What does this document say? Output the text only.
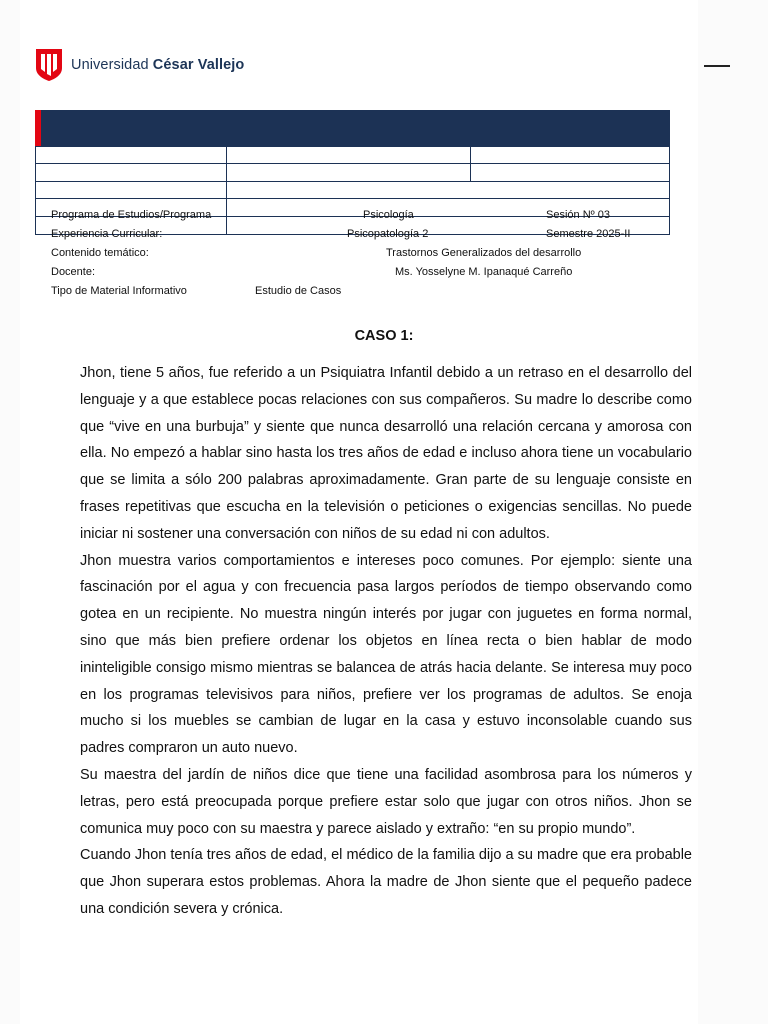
Universidad César Vallejo
Programa de Estudios/Programa	Psicología	Sesión Nº 03
Experiencia Curricular:	Psicopatología 2	Semestre 2025-II
Contenido temático:	Trastornos Generalizados del desarrollo
Docente:	Ms. Yosselyne M. Ipanaqué Carreño
Tipo de Material Informativo	Estudio de Casos
CASO 1:

Jhon, tiene 5 años, fue referido a un Psiquiatra Infantil debido a un retraso en el desarrollo del lenguaje y a que establece pocas relaciones con sus compañeros. Su madre lo describe como que “vive en una burbuja” y siente que nunca desarrolló una relación cercana y amorosa con ella. No empezó a hablar sino hasta los tres años de edad e incluso ahora tiene un vocabulario que se limita a sólo 200 palabras aproximadamente. Gran parte de su lenguaje consiste en frases repetitivas que escucha en la televisión o peticiones o exigencias sencillas. No puede iniciar ni sostener una conversación con niños de su edad ni con adultos.

Jhon muestra varios comportamientos e intereses poco comunes. Por ejemplo: siente una fascinación por el agua y con frecuencia pasa largos períodos de tiempo observando como gotea en un recipiente. No muestra ningún interés por jugar con juguetes en forma normal, sino que más bien prefiere ordenar los objetos en línea recta o bien hablar de modo ininteligible consigo mismo mientras se balancea de atrás hacia delante. Se interesa muy poco en los programas televisivos para niños, prefiere ver los programas de adultos. Se enoja mucho si los muebles se cambian de lugar en la casa y estuvo inconsolable cuando sus padres compraron un auto nuevo.

Su maestra del jardín de niños dice que tiene una facilidad asombrosa para los números y letras, pero está preocupada porque prefiere estar solo que jugar con otros niños. Jhon se comunica muy poco con su maestra y parece aislado y extraño: “en su propio mundo”.

Cuando Jhon tenía tres años de edad, el médico de la familia dijo a su madre que era probable que Jhon superara estos problemas. Ahora la madre de Jhon siente que el pequeño padece una condición severa y crónica.
